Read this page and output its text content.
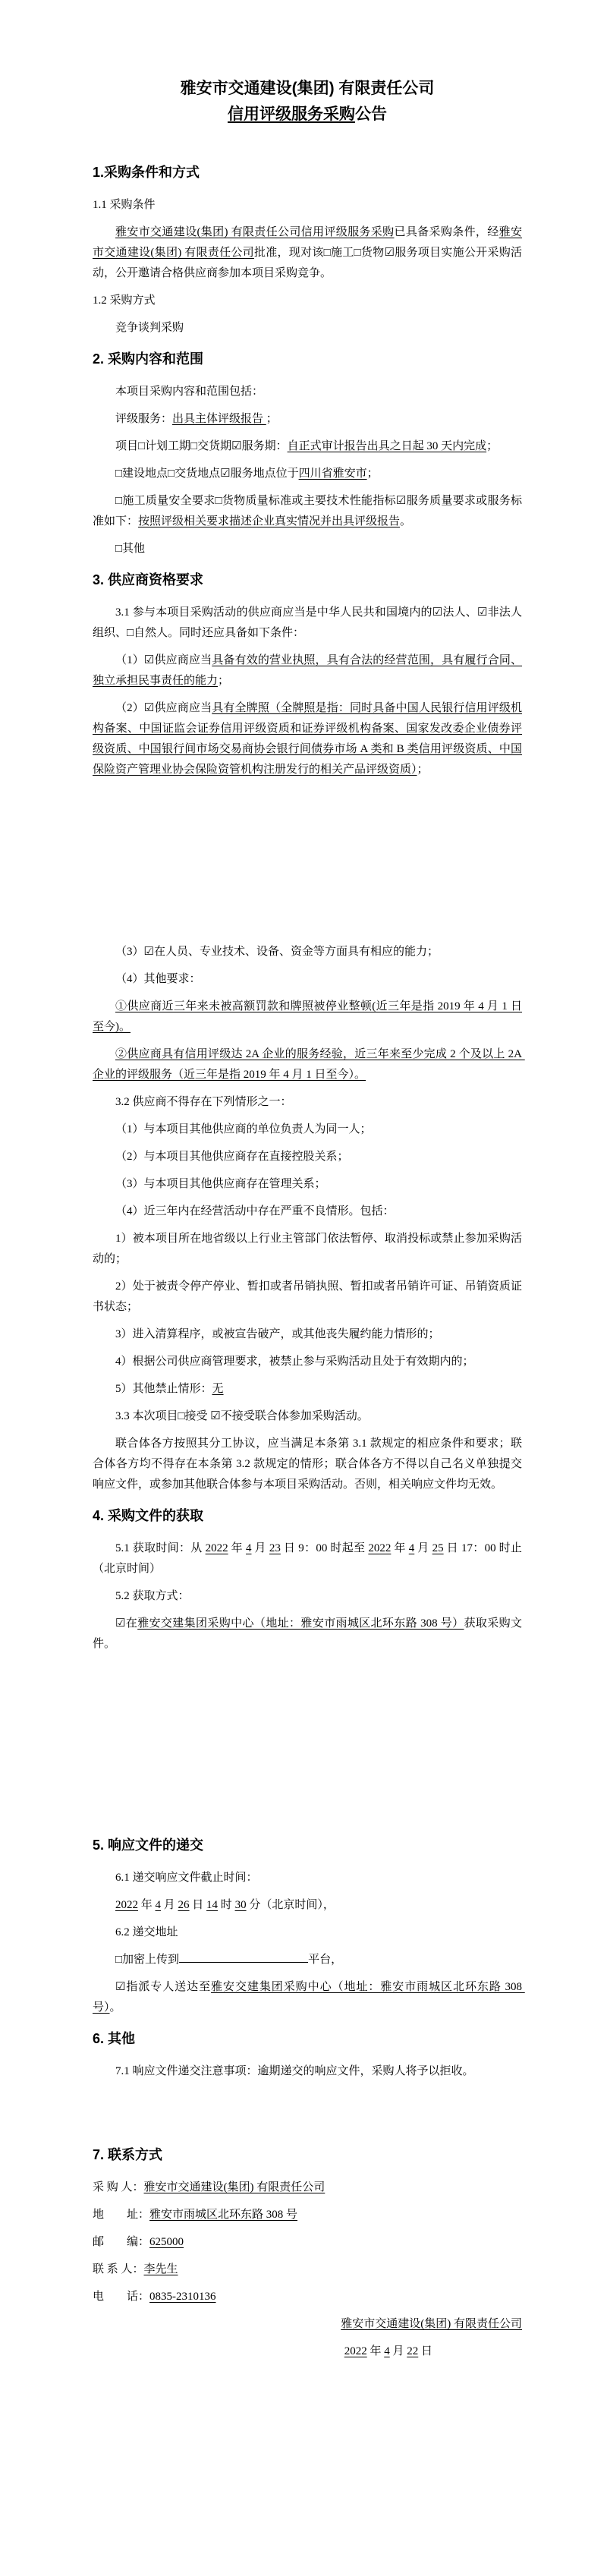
雅安市交通建设(集团) 有限责任公司
信用评级服务采购公告
1.采购条件和方式
1.1 采购条件
雅安市交通建设(集团) 有限责任公司信用评级服务采购已具备采购条件，经雅安市交通建设(集团) 有限责任公司批准，现对该□施工□货物☑服务项目实施公开采购活动，公开邀请合格供应商参加本项目采购竞争。
1.2 采购方式
竞争谈判采购
2. 采购内容和范围
本项目采购内容和范围包括：
评级服务：出具主体评级报告 ；
项目□计划工期□交货期☑服务期：自正式审计报告出具之日起 30 天内完成；
□建设地点□交货地点☑服务地点位于四川省雅安市；
□施工质量安全要求□货物质量标准或主要技术性能指标☑服务质量要求或服务标准如下：按照评级相关要求描述企业真实情况并出具评级报告。
□其他
3. 供应商资格要求
3.1 参与本项目采购活动的供应商应当是中华人民共和国境内的☑法人、☑非法人组织、□自然人。同时还应具备如下条件：
（1）☑供应商应当具备有效的营业执照，具有合法的经营范围，具有履行合同、独立承担民事责任的能力；
（2）☑供应商应当具有全牌照（全牌照是指：同时具备中国人民银行信用评级机构备案、中国证监会证券信用评级资质和证券评级机构备案、国家发改委企业债券评级资质、中国银行间市场交易商协会银行间债券市场 A 类和 B 类信用评级资质、中国保险资产管理业协会保险资管机构注册发行的相关产品评级资质）；
（3）☑在人员、专业技术、设备、资金等方面具有相应的能力；
（4）其他要求：
①供应商近三年来未被高额罚款和牌照被停业整顿(近三年是指 2019 年 4 月 1 日至今)。
②供应商具有信用评级达 2A 企业的服务经验，近三年来至少完成 2 个及以上 2A 企业的评级服务（近三年是指 2019 年 4 月 1 日至今）。
3.2 供应商不得存在下列情形之一：
（1）与本项目其他供应商的单位负责人为同一人；
（2）与本项目其他供应商存在直接控股关系；
（3）与本项目其他供应商存在管理关系；
（4）近三年内在经营活动中存在严重不良情形。包括：
1）被本项目所在地省级以上行业主管部门依法暂停、取消投标或禁止参加采购活动的；
2）处于被责令停产停业、暂扣或者吊销执照、暂扣或者吊销许可证、吊销资质证书状态；
3）进入清算程序，或被宣告破产，或其他丧失履约能力情形的；
4）根据公司供应商管理要求，被禁止参与采购活动且处于有效期内的；
5）其他禁止情形：无
3.3 本次项目□接受 ☑不接受联合体参加采购活动。
联合体各方按照其分工协议，应当满足本条第 3.1 款规定的相应条件和要求；联合体各方均不得存在本条第 3.2 款规定的情形；联合体各方不得以自己名义单独提交响应文件，或参加其他联合体参与本项目采购活动。否则，相关响应文件均无效。
4. 采购文件的获取
5.1 获取时间：从 2022 年 4 月 23 日 9：00 时起至 2022 年 4 月 25 日 17：00 时止（北京时间）
5.2 获取方式：
☑在雅安交建集团采购中心（地址：雅安市雨城区北环东路 308 号）获取采购文件。
5. 响应文件的递交
6.1 递交响应文件截止时间：
2022 年 4 月 26 日 14 时 30 分（北京时间），
6.2 递交地址
□加密上传到	平台，
☑指派专人送达至雅安交建集团采购中心（地址：雅安市雨城区北环东路 308 号）。
6. 其他
7.1 响应文件递交注意事项：逾期递交的响应文件，采购人将予以拒收。
7. 联系方式
采 购 人：雅安市交通建设(集团) 有限责任公司
地　　址：雅安市雨城区北环东路 308 号
邮　　编：625000
联 系 人：李先生
电　　话：0835-2310136
雅安市交通建设(集团) 有限责任公司
2022 年 4 月 22 日
